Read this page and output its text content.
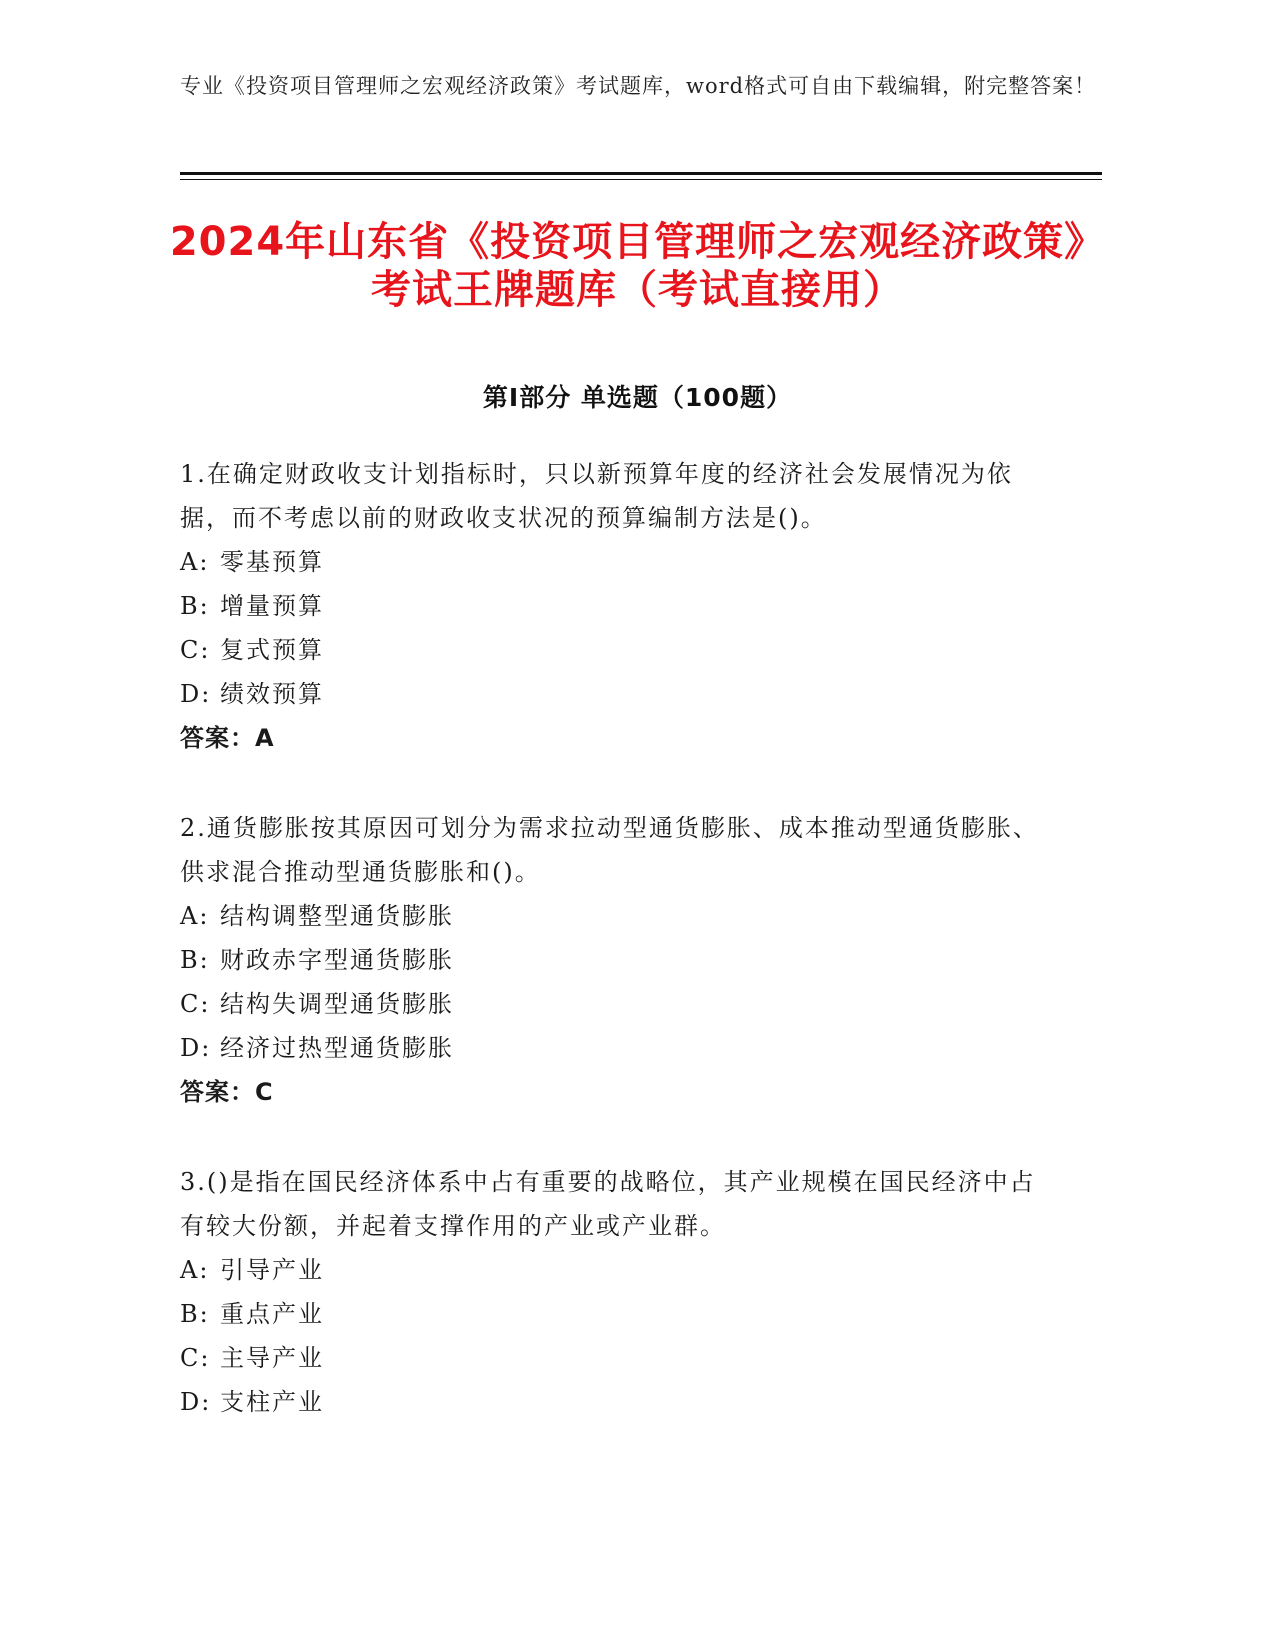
专业《投资项目管理师之宏观经济政策》考试题库，word格式可自由下载编辑，附完整答案！
2024年山东省《投资项目管理师之宏观经济政策》考试王牌题库（考试直接用）
第Ⅰ部分 单选题（100题）

1.在确定财政收支计划指标时，只以新预算年度的经济社会发展情况为依据，而不考虑以前的财政收支状况的预算编制方法是()。

A: 零基预算
B: 增量预算
C: 复式预算
D: 绩效预算
答案：A

2.通货膨胀按其原因可划分为需求拉动型通货膨胀、成本推动型通货膨胀、供求混合推动型通货膨胀和()。

A: 结构调整型通货膨胀
B: 财政赤字型通货膨胀
C: 结构失调型通货膨胀
D: 经济过热型通货膨胀
答案：C

3.()是指在国民经济体系中占有重要的战略位，其产业规模在国民经济中占有较大份额，并起着支撑作用的产业或产业群。

A: 引导产业
B: 重点产业
C: 主导产业
D: 支柱产业
